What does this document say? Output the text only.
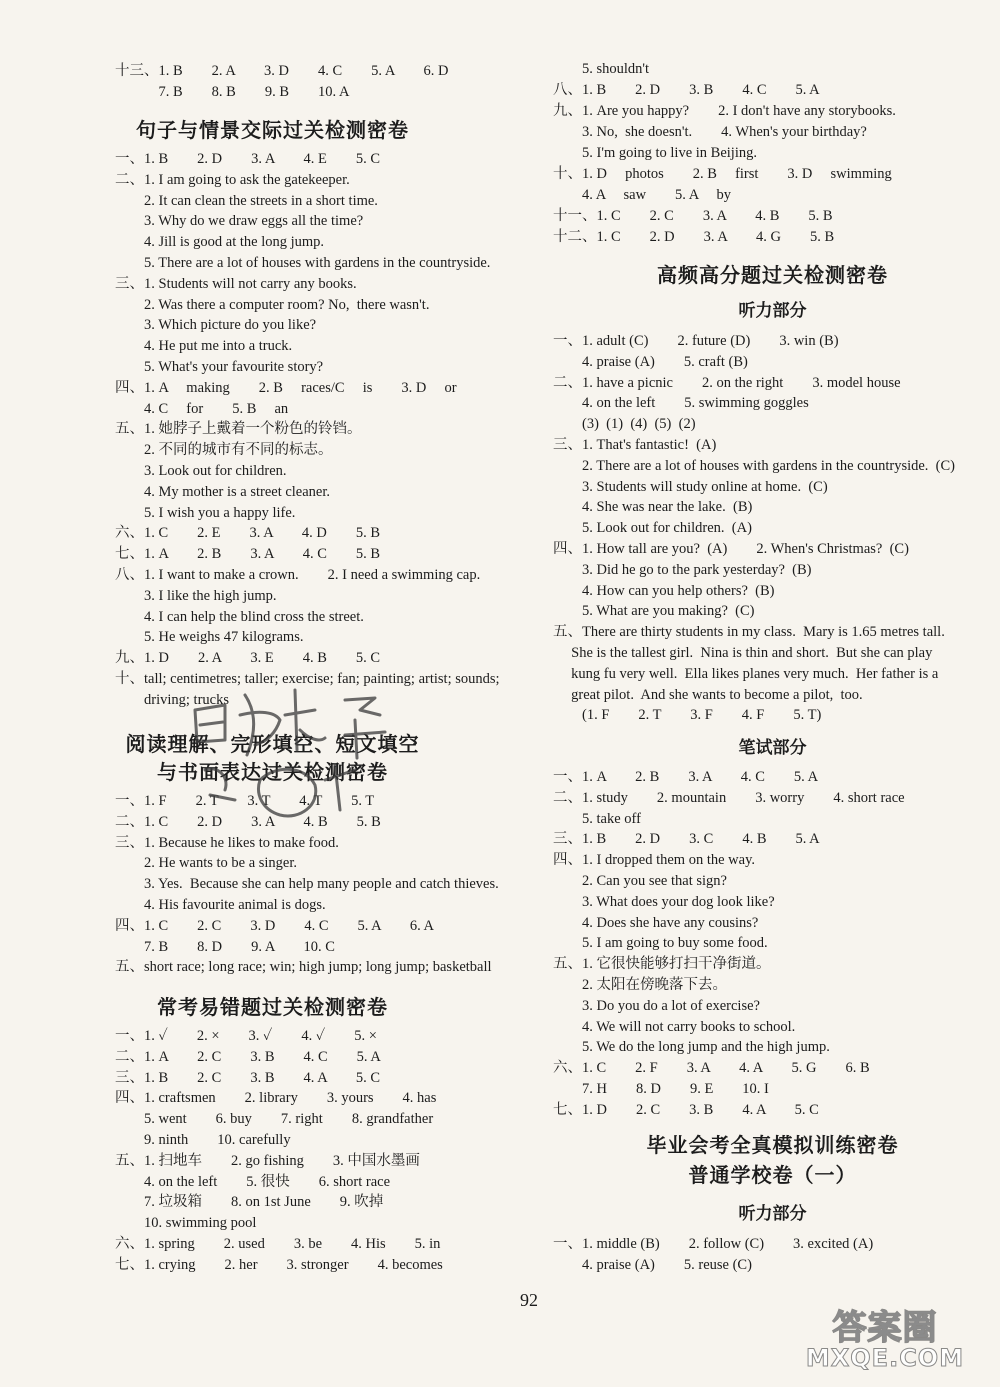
十三、1. B　　2. A　　3. D　　4. C　　5. A　　6. D
　　　7. B　　8. B　　9. B　　10. A
句子与情景交际过关检测密卷
一、1. B　　2. D　　3. A　　4. E　　5. C
二、1. I am going to ask the gatekeeper.
　　2. It can clean the streets in a short time.
　　3. Why do we draw eggs all the time?
　　4. Jill is good at the long jump.
　　5. There are a lot of houses with gardens in the countryside.
三、1. Students will not carry any books.
　　2. Was there a computer room? No,  there wasn't.
　　3. Which picture do you like?
　　4. He put me into a truck.
　　5. What's your favourite story?
四、1. A　 making　　2. B　 races/C　 is　　3. D　 or
　　4. C　 for　　5. B　 an
五、1. 她脖子上戴着一个粉色的铃铛。
　　2. 不同的城市有不同的标志。
　　3. Look out for children.
　　4. My mother is a street cleaner.
　　5. I wish you a happy life.
六、1. C　　2. E　　3. A　　4. D　　5. B
七、1. A　　2. B　　3. A　　4. C　　5. B
八、1. I want to make a crown.　　2. I need a swimming cap.
　　3. I like the high jump.
　　4. I can help the blind cross the street.
　　5. He weighs 47 kilograms.
九、1. D　　2. A　　3. E　　4. B　　5. C
十、tall; centimetres; taller; exercise; fan; painting; artist; sounds;
　　driving; trucks
阅读理解、完形填空、短文填空
与书面表达过关检测密卷
一、1. F　　2. T　　3. T　　4. T　　5. T
二、1. C　　2. D　　3. A　　4. B　　5. B
三、1. Because he likes to make food.
　　2. He wants to be a singer.
　　3. Yes.  Because she can help many people and catch thieves.
　　4. His favourite animal is dogs.
四、1. C　　2. C　　3. D　　4. C　　5. A　　6. A
　　7. B　　8. D　　9. A　　10. C
五、short race; long race; win; high jump; long jump; basketball
常考易错题过关检测密卷
一、1. ✓　　2. ×　　3. ✓　　4. ✓　　5. ×
二、1. A　　2. C　　3. B　　4. C　　5. A
三、1. B　　2. C　　3. B　　4. A　　5. C
四、1. craftsmen　　2. library　　3. yours　　4. has
　　5. went　　6. buy　　7. right　　8. grandfather
　　9. ninth　　10. carefully
五、1. 扫地车　　2. go fishing　　3. 中国水墨画
　　4. on the left　　5. 很快　　6. short race
　　7. 垃圾箱　　8. on 1st June　　9. 吹掉
　　10. swimming pool
六、1. spring　　2. used　　3. be　　4. His　　5. in
七、1. crying　　2. her　　3. stronger　　4. becomes
　　5. shouldn't
八、1. B　　2. D　　3. B　　4. C　　5. A
九、1. Are you happy?　　2. I don't have any storybooks.
　　3. No,  she doesn't.　　4. When's your birthday?
　　5. I'm going to live in Beijing.
十、1. D　 photos　　2. B　 first　　3. D　 swimming
　　4. A　 saw　　5. A　 by
十一、1. C　　2. C　　3. A　　4. B　　5. B
十二、1. C　　2. D　　3. A　　4. G　　5. B
高频高分题过关检测密卷
听力部分
一、1. adult (C)　　2. future (D)　　3. win (B)
　　4. praise (A)　　5. craft (B)
二、1. have a picnic　　2. on the right　　3. model house
　　4. on the left　　5. swimming goggles
　　(3)  (1)  (4)  (5)  (2)
三、1. That's fantastic!  (A)
　　2. There are a lot of houses with gardens in the countryside.  (C)
　　3. Students will study online at home.  (C)
　　4. She was near the lake.  (B)
　　5. Look out for children.  (A)
四、1. How tall are you?  (A)　　2. When's Christmas?  (C)
　　3. Did he go to the park yesterday?  (B)
　　4. How can you help others?  (B)
　　5. What are you making?  (C)
五、There are thirty students in my class.  Mary is 1.65 metres tall.
　 She is the tallest girl.  Nina is thin and short.  But she can play
　 kung fu very well.  Ella likes planes very much.  Her father is a
　 great pilot.  And she wants to become a pilot,  too.
　　(1. F　　2. T　　3. F　　4. F　　5. T)
笔试部分
一、1. A　　2. B　　3. A　　4. C　　5. A
二、1. study　　2. mountain　　3. worry　　4. short race
　　5. take off
三、1. B　　2. D　　3. C　　4. B　　5. A
四、1. I dropped them on the way.
　　2. Can you see that sign?
　　3. What does your dog look like?
　　4. Does she have any cousins?
　　5. I am going to buy some food.
五、1. 它很快能够打扫干净街道。
　　2. 太阳在傍晚落下去。
　　3. Do you do a lot of exercise?
　　4. We will not carry books to school.
　　5. We do the long jump and the high jump.
六、1. C　　2. F　　3. A　　4. A　　5. G　　6. B
　　7. H　　8. D　　9. E　　10. I
七、1. D　　2. C　　3. B　　4. A　　5. C
毕业会考全真模拟训练密卷
普通学校卷（一）
听力部分
一、1. middle (B)　　2. follow (C)　　3. excited (A)
　　4. praise (A)　　5. reuse (C)
92
答案圈
MXQE.COM
